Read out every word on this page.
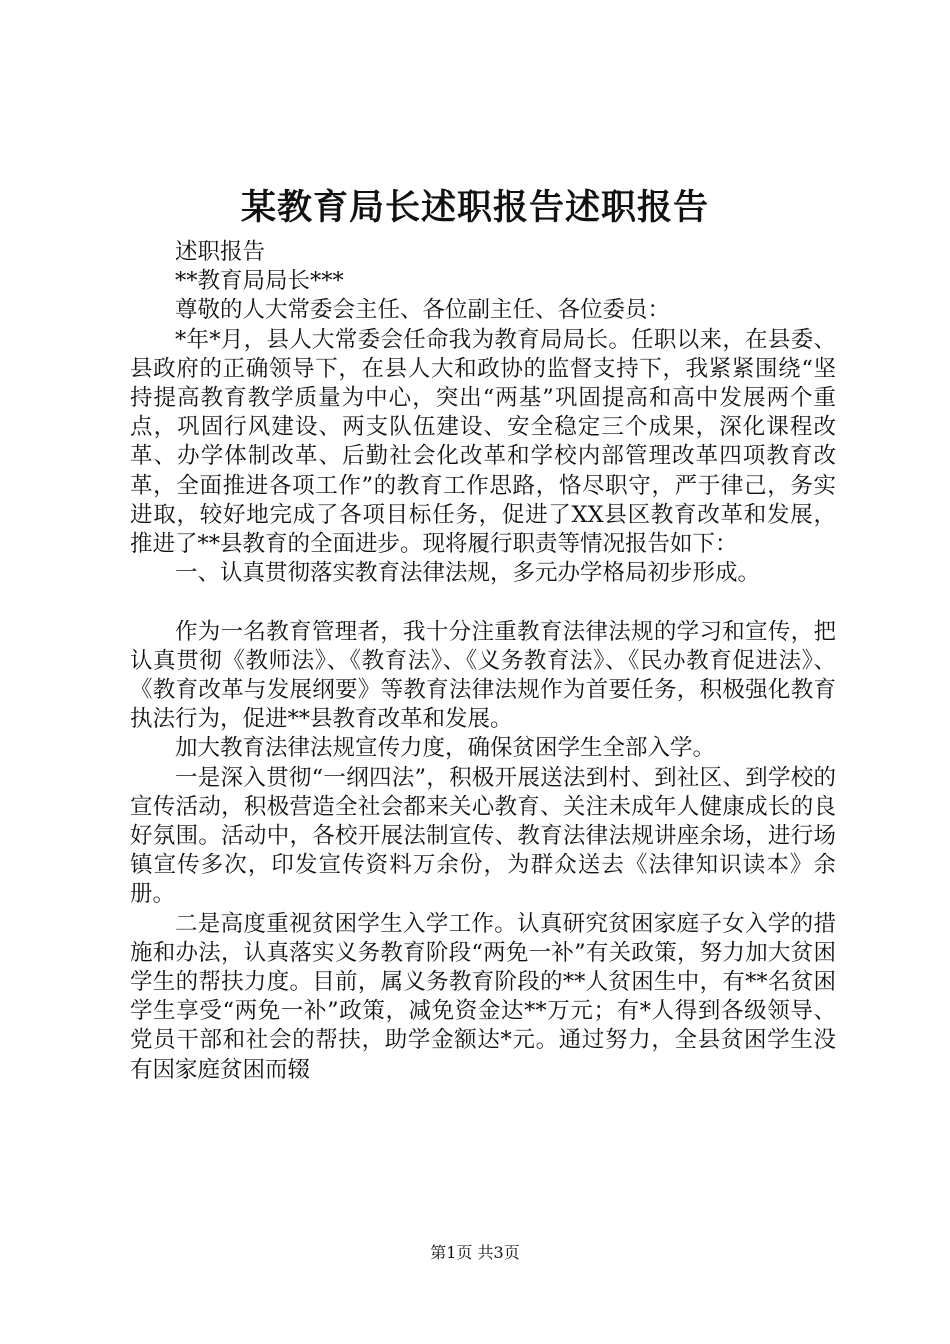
某教育局长述职报告述职报告

述职报告

**教育局局长***

尊敬的人大常委会主任、各位副主任、各位委员：

*年*月，县人大常委会任命我为教育局局长。任职以来，在县委、县政府的正确领导下，在县人大和政协的监督支持下，我紧紧围绕“坚持提高教育教学质量为中心，突出“两基”巩固提高和高中发展两个重点，巩固行风建设、两支队伍建设、安全稳定三个成果，深化课程改革、办学体制改革、后勤社会化改革和学校内部管理改革四项教育改革，全面推进各项工作”的教育工作思路，恪尽职守，严于律己，务实进取，较好地完成了各项目标任务，促进了XX县区教育改革和发展，推进了**县教育的全面进步。现将履行职责等情况报告如下：

一、认真贯彻落实教育法律法规，多元办学格局初步形成。

作为一名教育管理者，我十分注重教育法律法规的学习和宣传，把认真贯彻《教师法》、《教育法》、《义务教育法》、《民办教育促进法》、《教育改革与发展纲要》等教育法律法规作为首要任务，积极强化教育执法行为，促进**县教育改革和发展。

加大教育法律法规宣传力度，确保贫困学生全部入学。

一是深入贯彻“一纲四法”，积极开展送法到村、到社区、到学校的宣传活动，积极营造全社会都来关心教育、关注未成年人健康成长的良好氛围。活动中，各校开展法制宣传、教育法律法规讲座余场，进行场镇宣传多次，印发宣传资料万余份，为群众送去《法律知识读本》余册。

二是高度重视贫困学生入学工作。认真研究贫困家庭子女入学的措施和办法，认真落实义务教育阶段“两免一补”有关政策，努力加大贫困学生的帮扶力度。目前，属义务教育阶段的**人贫困生中，有**名贫困学生享受“两免一补”政策，减免资金达**万元；有*人得到各级领导、党员干部和社会的帮扶，助学金额达*元。通过努力，全县贫困学生没有因家庭贫困而辍

第1页 共3页
